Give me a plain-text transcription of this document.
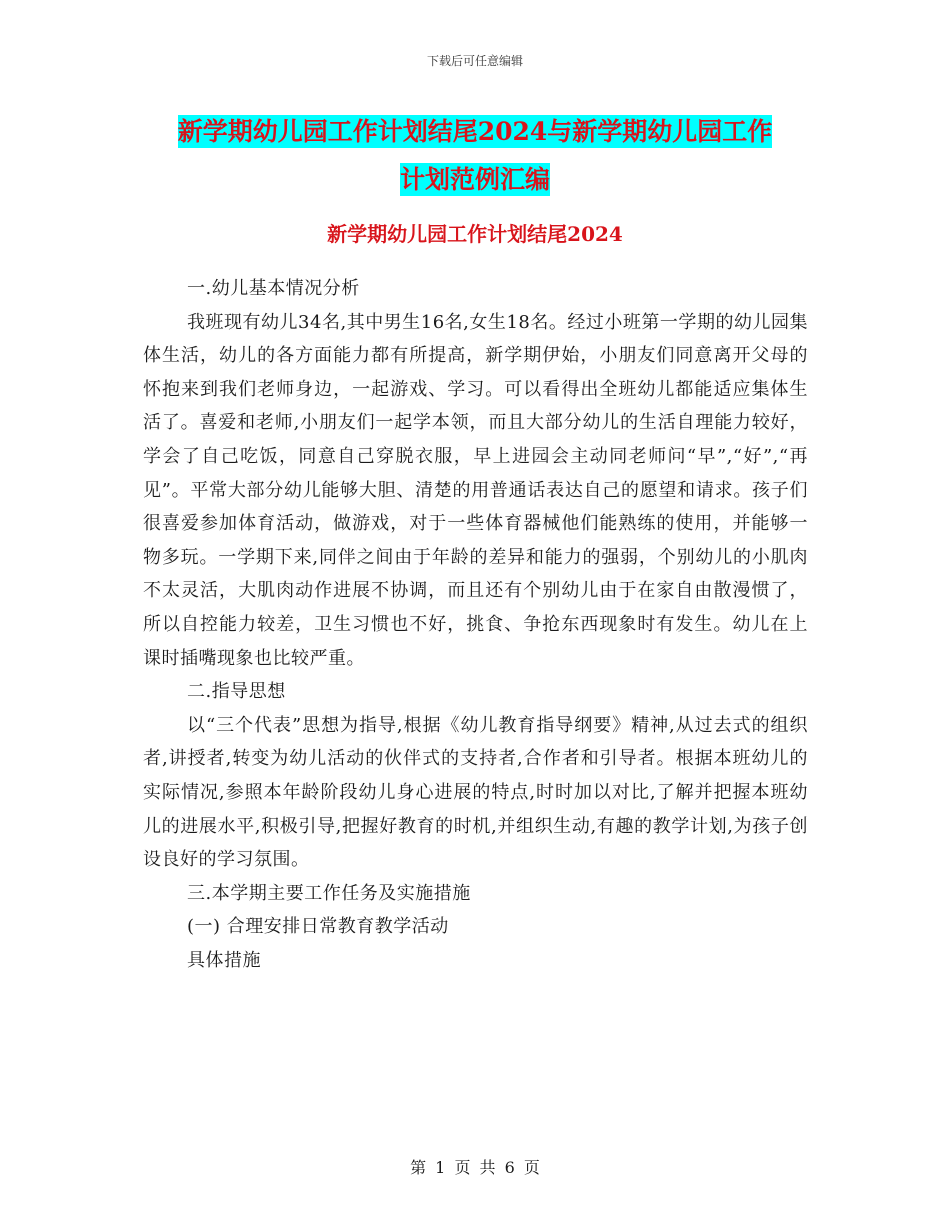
下载后可任意编辑
新学期幼儿园工作计划结尾2024与新学期幼儿园工作
计划范例汇编
新学期幼儿园工作计划结尾2024

一.幼儿基本情况分析

我班现有幼儿34名,其中男生16名,女生18名。经过小班第一学期的幼儿园集体生活，幼儿的各方面能力都有所提高，新学期伊始，小朋友们同意离开父母的怀抱来到我们老师身边，一起游戏、学习。可以看得出全班幼儿都能适应集体生活了。喜爱和老师,小朋友们一起学本领，而且大部分幼儿的生活自理能力较好，学会了自己吃饭，同意自己穿脱衣服，早上进园会主动同老师问“早”,“好”,“再见”。平常大部分幼儿能够大胆、清楚的用普通话表达自己的愿望和请求。孩子们很喜爱参加体育活动，做游戏，对于一些体育器械他们能熟练的使用，并能够一物多玩。一学期下来,同伴之间由于年龄的差异和能力的强弱，个别幼儿的小肌肉不太灵活，大肌肉动作进展不协调，而且还有个别幼儿由于在家自由散漫惯了，所以自控能力较差，卫生习惯也不好，挑食、争抢东西现象时有发生。幼儿在上课时插嘴现象也比较严重。

二.指导思想

以“三个代表”思想为指导,根据《幼儿教育指导纲要》精神,从过去式的组织者,讲授者,转变为幼儿活动的伙伴式的支持者,合作者和引导者。根据本班幼儿的实际情况,参照本年龄阶段幼儿身心进展的特点,时时加以对比,了解并把握本班幼儿的进展水平,积极引导,把握好教育的时机,并组织生动,有趣的教学计划,为孩子创设良好的学习氛围。

三.本学期主要工作任务及实施措施

(一) 合理安排日常教育教学活动

具体措施

第 1 页 共 6 页
